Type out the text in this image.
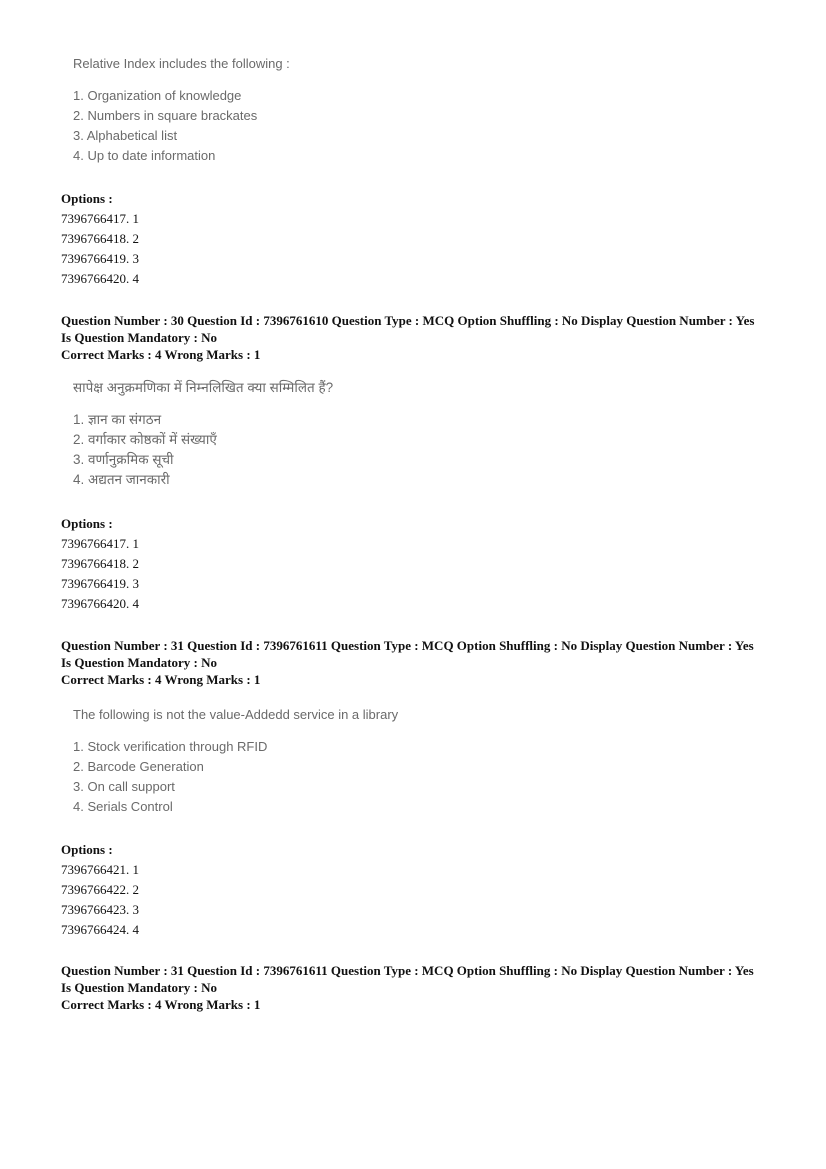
Relative Index includes the following :
1. Organization of knowledge
2. Numbers in square brackates
3. Alphabetical list
4. Up to date information
Options :
7396766417. 1
7396766418. 2
7396766419. 3
7396766420. 4
Question Number : 30 Question Id : 7396761610 Question Type : MCQ Option Shuffling : No Display Question Number : Yes
Is Question Mandatory : No
Correct Marks : 4 Wrong Marks : 1
सापेक्ष अनुक्रमणिका में निम्नलिखित क्या सम्मिलित हैं?
1. ज्ञान का संगठन
2. वर्गाकार कोष्ठकों में संख्याएँ
3. वर्णानुक्रमिक सूची
4. अद्यतन जानकारी
Options :
7396766417. 1
7396766418. 2
7396766419. 3
7396766420. 4
Question Number : 31 Question Id : 7396761611 Question Type : MCQ Option Shuffling : No Display Question Number : Yes
Is Question Mandatory : No
Correct Marks : 4 Wrong Marks : 1
The following is not the value-Addedd service in a library
1. Stock verification through RFID
2. Barcode Generation
3. On call support
4. Serials Control
Options :
7396766421. 1
7396766422. 2
7396766423. 3
7396766424. 4
Question Number : 31 Question Id : 7396761611 Question Type : MCQ Option Shuffling : No Display Question Number : Yes
Is Question Mandatory : No
Correct Marks : 4 Wrong Marks : 1
